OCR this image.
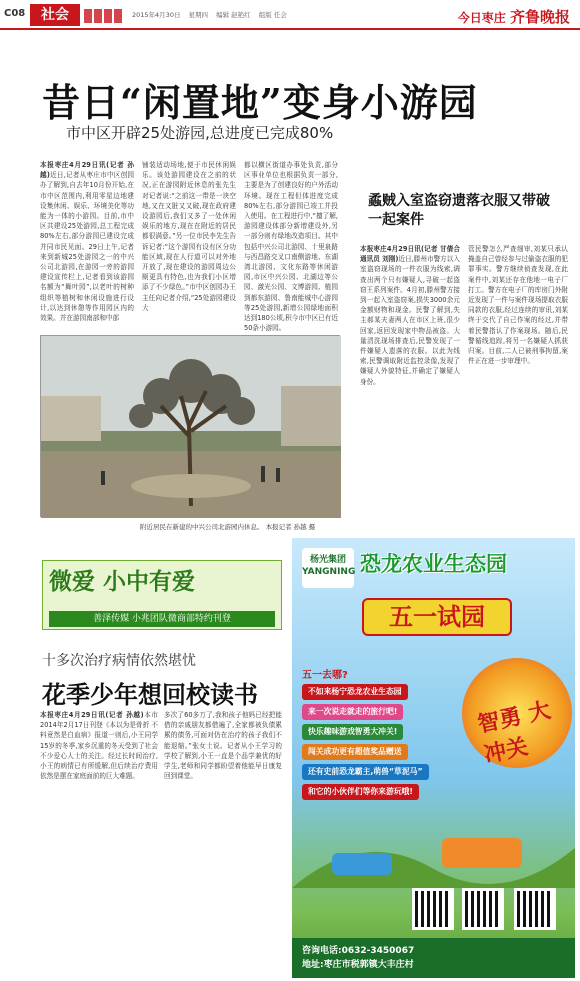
C08	社会	2015年4月30日 星期四 编辑 赵艳红 组版 任会	今日枣庄 齐鲁晚报
昔日“闲置地”变身小游园
市中区开辟25处游园,总进度已完成80%
本报枣庄4月29日讯(记者 孙越)近日,记者从枣庄市中区创园办了解到,自去年10月份开始,在市中区范围内,利用零星边地建设集休闲、娱乐、环境美化等功能为一体的小游园。目前,市中区共建设25处游园,总工程完成80%左右,部分游园已建设完成并同市民见面。29日上午,记者来到新城25处游园之一的中兴公司北游园,在游园一旁的游园建设宣传栏上,记者看到该游园名额为“舞叶园”,以老叶的树种组织等植树和休闲设施进行设计,以达到休憩等作用园区内的效果。并在游园南部和中部
铺装适动场地,便于市民休闲娱乐。该处游园建设在之前的状况,正在游园附近休息的张先生对记者说:“之前这一带是一块空地,又在又脏又又破,现在政府建设游园后,我们又多了一处休闲娱乐的地方,现在在附近的居民都很满意。”另一位市民李先生告诉记者:“这个游园有设有区分功能区域,现在人行道可以对外地开放了,现在建设的游园周边公厕更具有特色,也为我们小区增添了不少绿色。”市中区创园办王主任向记者介绍,“25处游园建设大
都以横区街道办事处负责,部分区事业单位也根据负责一部分,主要是为了创建良好的户外活动环境。现在工程但体进度完成80%左右,部分游园已竣工并投入使用。在工程进行中,“擅了解,游园建设体部分新增建设外,另一部分则有绿地改造项目。其中包括中兴公司北游园、十里泉路与西昌路交叉口南侧游地、东湖湾北游园、文化东路等休闲游园,市区中兴公园、北湖边等公园、激光公园、文博游园、植园到都东游园、鲁南能城中心游园等25处游园,新增公园绿地面积达到180公顷,积今市中区已有近50条小游园。
蟊贼入室盗窃遗落衣服又带破一起案件
本报枣庄4月29日讯(记者 甘倩合 通讯员 刘刚)近日,滕州市警方以入室盗窃现场的一件衣服为线索,调查出两个只有嫌疑人,寻破一起盗窃王系列案件。4月初,滕州警方接到一起入室盗窃案,损失3000余元金额财物和现金。民警了解到,失主郝某夫妻两人在市区上班,很少回家,返回发现家中物品被盗。大量清洗现场排查后,民警发现了一件嫌疑人遗落的衣服。以此为线索,民警调取附近监控录像,发现了嫌疑人外貌特征,并确定了嫌疑人身份。
管民警怎么严查细审,刘某只承认掩盖自己曾经参与过偷盗衣服的犯罪事实。警方继续侦查发现,在此案件中,刘某还存在他地一电子厂打工。警方在电子厂的库房门外附近发现了一件与案件现场提取衣服同款的衣服,经过连续的审讯,刘某终于交代了自己作案的经过,并带着民警指认了作案现场。随后,民警循线追踪,将另一名嫌疑人抓获归案。目前,二人已被刑事拘留,案件正在进一步审理中。
附近居民在新建的中兴公司北游园内休息。 本报记者 孙越 摄
微爱 小中有爱
善泽传媒 小兆团队微商部特约刊登
十多次治疗病情依然堪忧
花季少年想回校读书
本报枣庄4月29日讯(记者 孙越)本市2014年2月17日刊登《本以为是骨折 不料竟然是白血病》报道一则后,小王同学15岁的冬季,家乡沉重的冬天受到了社会不少爱心人士的关注。经过长时间治疗,小王的病情已有所缓解,但后续治疗费用依然是摆在家庭面前的巨大难题。
多次了60多万了,我和孩子他妈已经把能借的亲戚朋友都借遍了,全家都被负债累累的债务,可面对仍在治疗的孩子我们不能退缩。”张女士说。记者从小王学习的学校了解到,小王一直是个品学兼优的好学生,老师和同学都盼望着他能早日康复回到课堂。
杨光集团 YANGNING 恐龙农业生态园
五一试园
智勇 大冲关
五一去哪?
不如来杨宁恐龙农业生态园
来一次说走就走的旅行吧!
快乐趣味游戏智勇大冲关!
闯关成功更有超值奖品赠送
还有史前恐龙霸主,萌兽“草泥马”
和它的小伙伴们等你来游玩哦!
咨询电话:0632-3450067
地址:枣庄市税郭镇大丰庄村
